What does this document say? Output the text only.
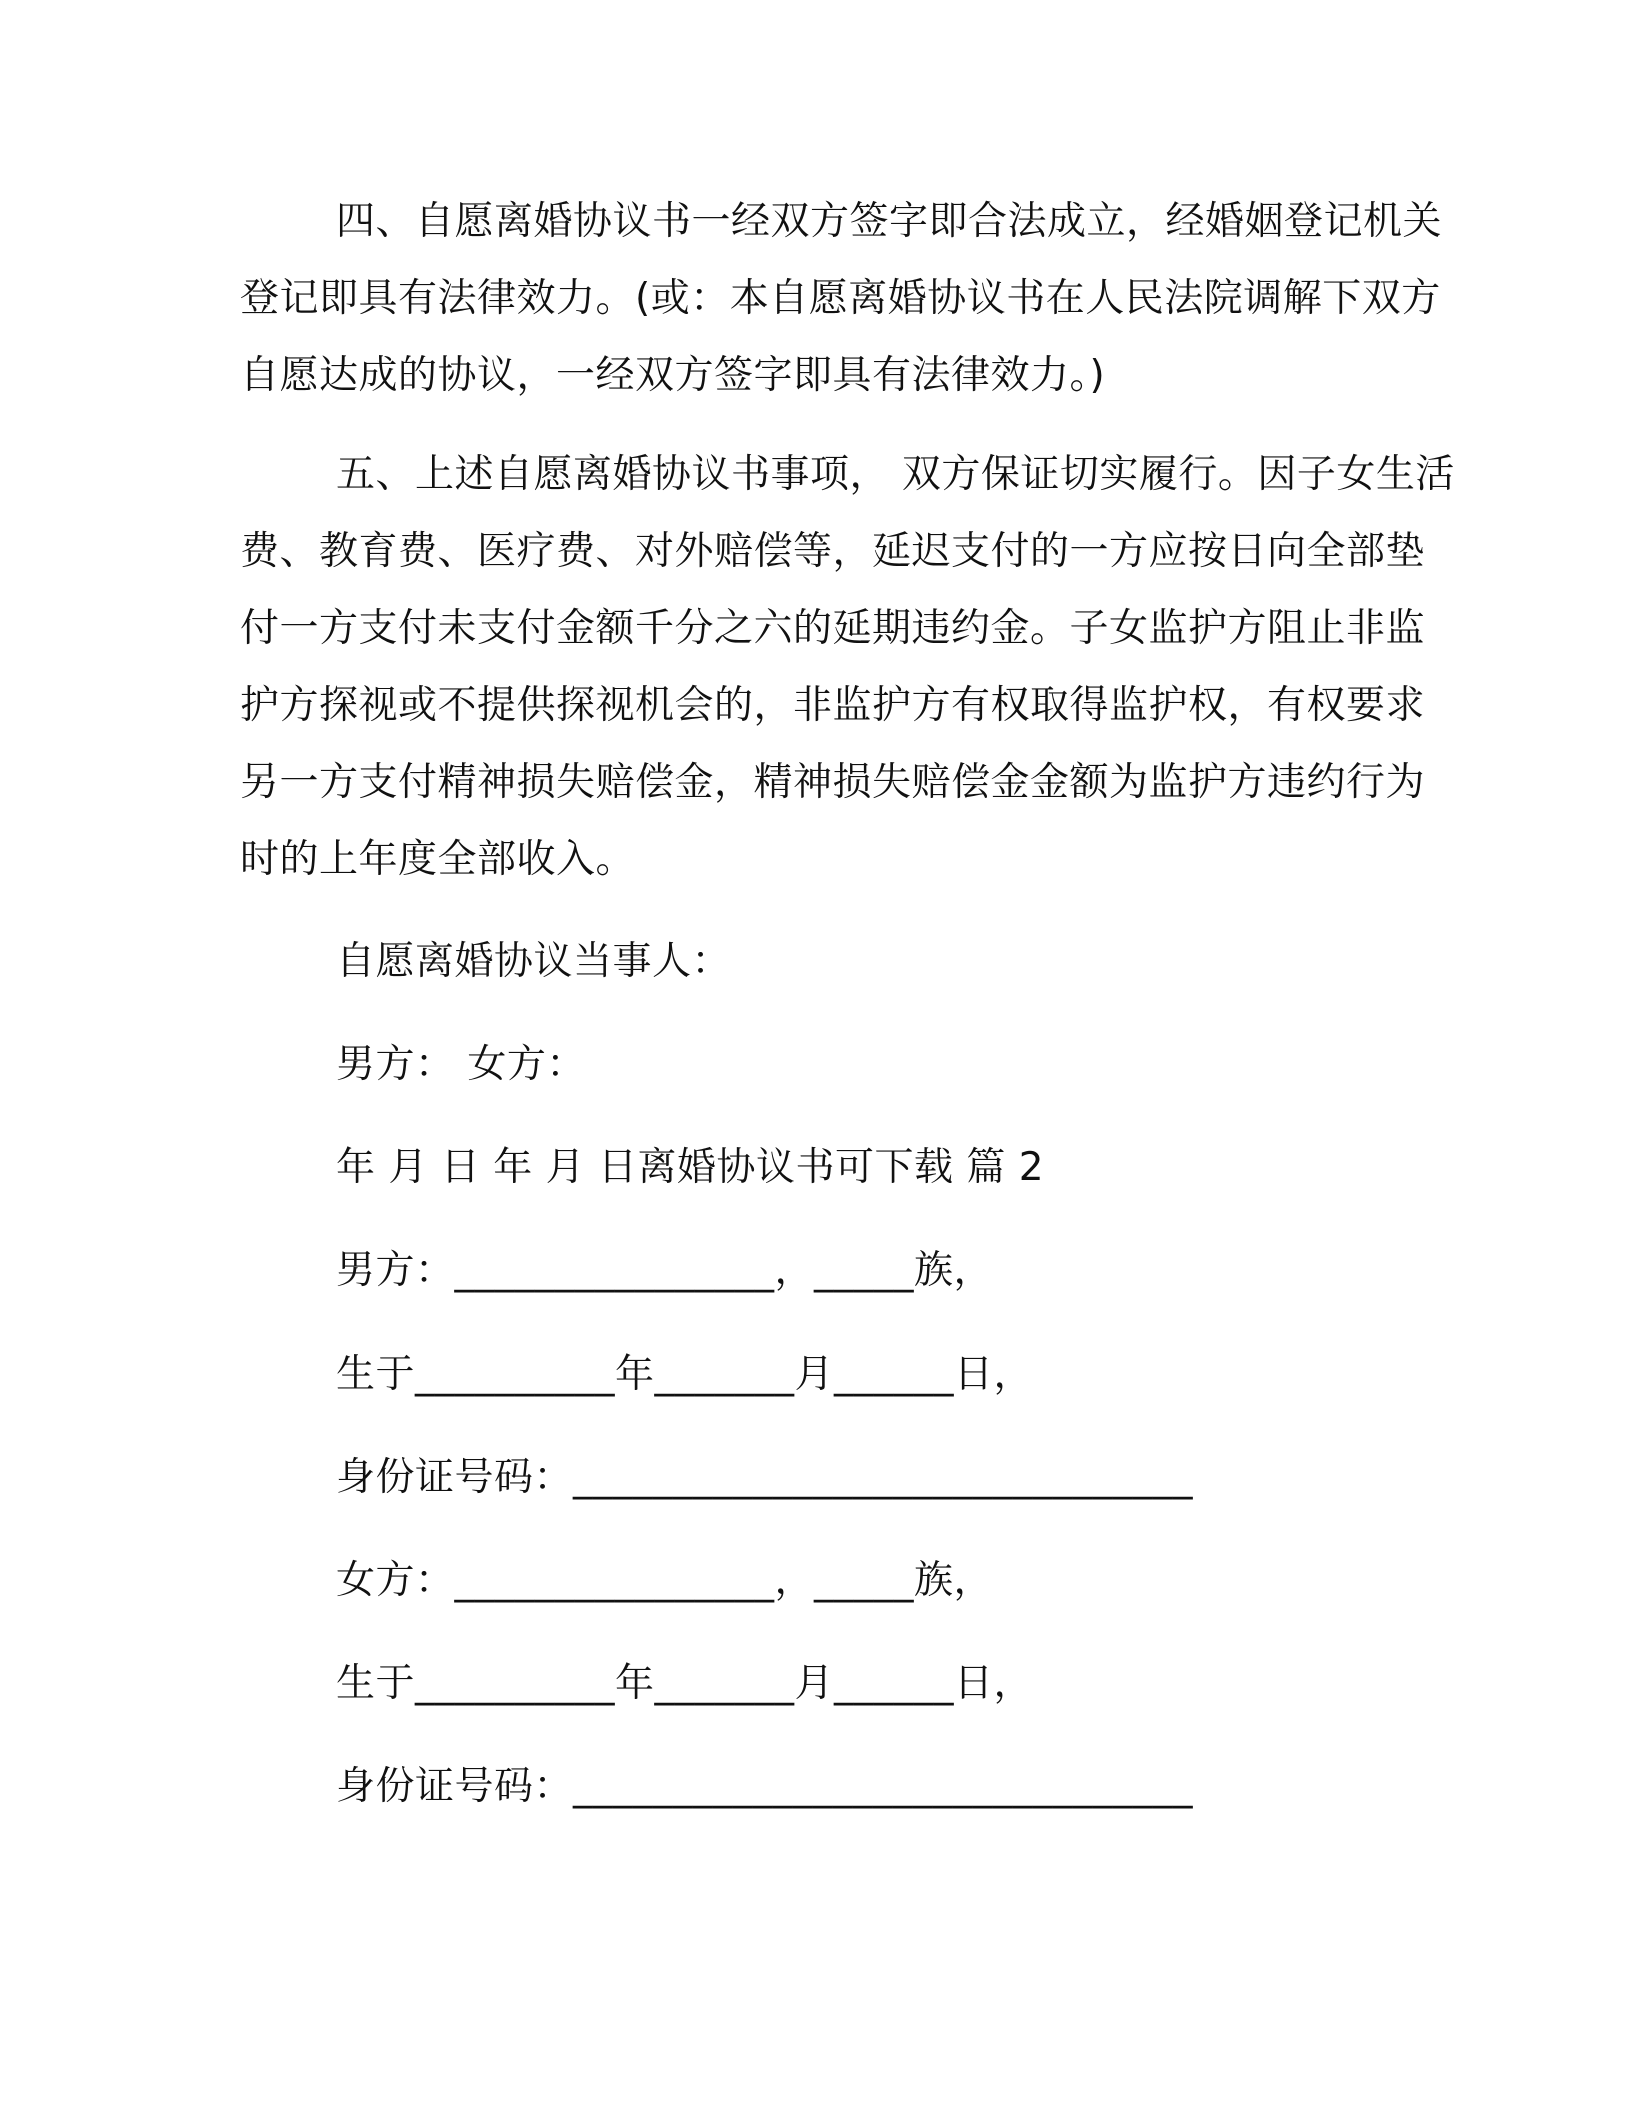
四、自愿离婚协议书一经双方签字即合法成立，经婚姻登记机关
登记即具有法律效力。(或：本自愿离婚协议书在人民法院调解下双方
自愿达成的协议，一经双方签字即具有法律效力。)
五、上述自愿离婚协议书事项， 双方保证切实履行。因子女生活
费、教育费、医疗费、对外赔偿等，延迟支付的一方应按日向全部垫
付一方支付未支付金额千分之六的延期违约金。子女监护方阻止非监
护方探视或不提供探视机会的，非监护方有权取得监护权，有权要求
另一方支付精神损失赔偿金，精神损失赔偿金金额为监护方违约行为
时的上年度全部收入。
自愿离婚协议当事人：
男方： 女方：
年 月 日 年 月 日离婚协议书可下载 篇 2
男方：________________，_____族，
生于__________年_______月______日，
身份证号码：_______________________________
女方：________________，_____族，
生于__________年_______月______日，
身份证号码：_______________________________
